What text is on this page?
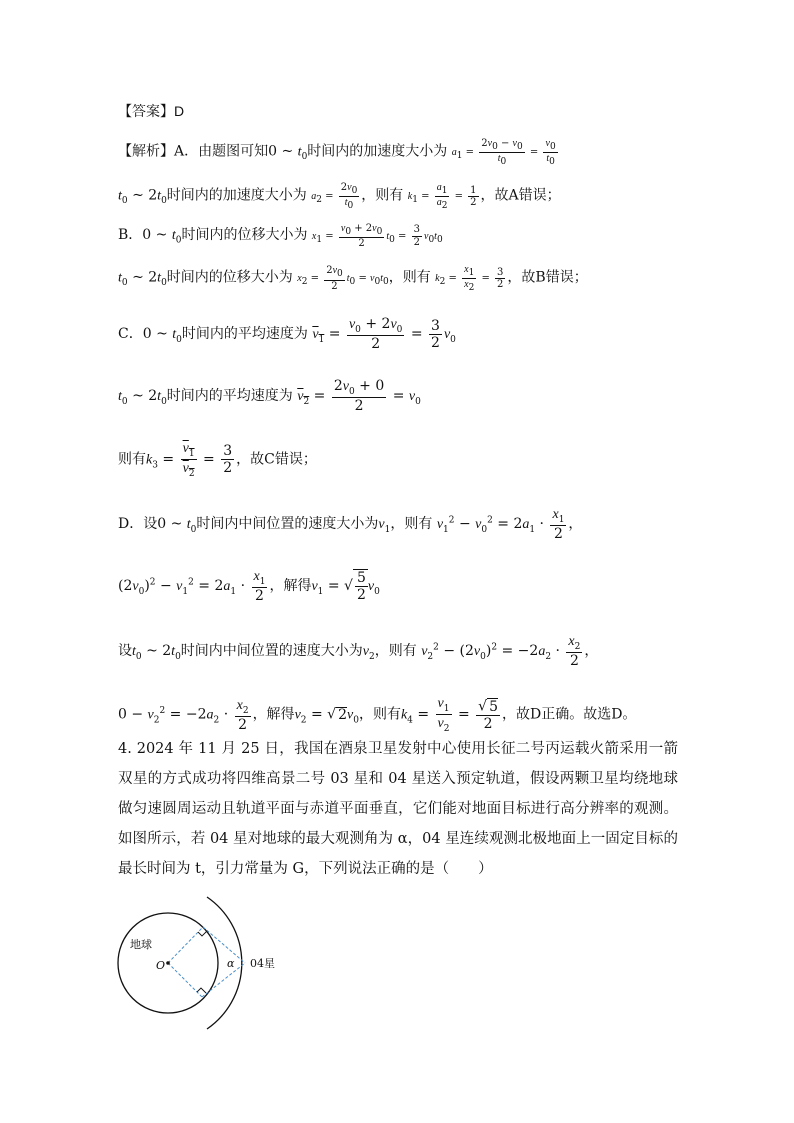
【答案】D
【解析】A．由题图可知0 ~ $t_0$时间内的加速度大小为 $a_1 = \frac{2v_0 - v_0}{t_0} = \frac{v_0}{t_0}$
$t_0$ ~ $2t_0$时间内的加速度大小为 $a_2 = \frac{2v_0}{t_0}$ ，则有 $k_1 = \frac{a_1}{a_2} = \frac{1}{2}$ ，故A错误；
B．0 ~ $t_0$时间内的位移大小为 $x_1 = \frac{v_0 + 2v_0}{2} t_0 = \frac{3}{2} v_0t_0$
$t_0$ ~ $2t_0$时间内的位移大小为 $x_2 = \frac{2v_0}{2} t_0 = v_0t_0$，则有 $k_2 = \frac{x_1}{x_2} = \frac{3}{2}$ ，故B错误；
C．0 ~ $t_0$时间内的平均速度为 $v_1 = \frac{v_0 + 2v_0}{2} = \frac{3}{2} v_0$
$t_0$ ~ $2t_0$时间内的平均速度为 $v_2 = \frac{2v_0 + 0}{2} = v_0$
则有$k_3 = \frac{v_1}{v_2} = \frac{3}{2}$ ，故C错误；
D．设0 ~ $t_0$时间内中间位置的速度大小为$v_1$，则有 $v_1^2 - v_0^2 = 2a_1 \cdot \frac{x_1}{2}$ ，
$(2v_0)^2 - v_1^2 = 2a_1 \cdot \frac{x_1}{2}$ ，解得$v_1$ = √ $\frac{5}{2} v_0$
设$t_0$ ~ $2t_0$时间内中间位置的速度大小为$v_2$，则有 $v_2^2 - (2v_0)^2 = -2a_2 \cdot \frac{x_2}{2}$ ，
$0 - v_2^2 = -2a_2 \cdot \frac{x_2}{2}$ ，解得$v_2$ = √ $2v_0$，则有$k_4 = \frac{v_1}{v_2} = \frac{√ 5}{2}$ ，故D正确。故选D。
4. 2024 年 11 月 25 日，我国在酒泉卫星发射中心使用长征二号丙运载火箭采用一箭双星的方式成功将四维高景二号 03 星和 04 星送入预定轨道，假设两颗卫星均绕地球做匀速圆周运动且轨道平面与赤道平面垂直，它们能对地面目标进行高分辨率的观测。如图所示，若 04 星对地球的最大观测角为 α，04 星连续观测北极地面上一固定目标的最长时间为 t，引力常量为 G，下列说法正确的是（　　）
地球
O	α 04星
